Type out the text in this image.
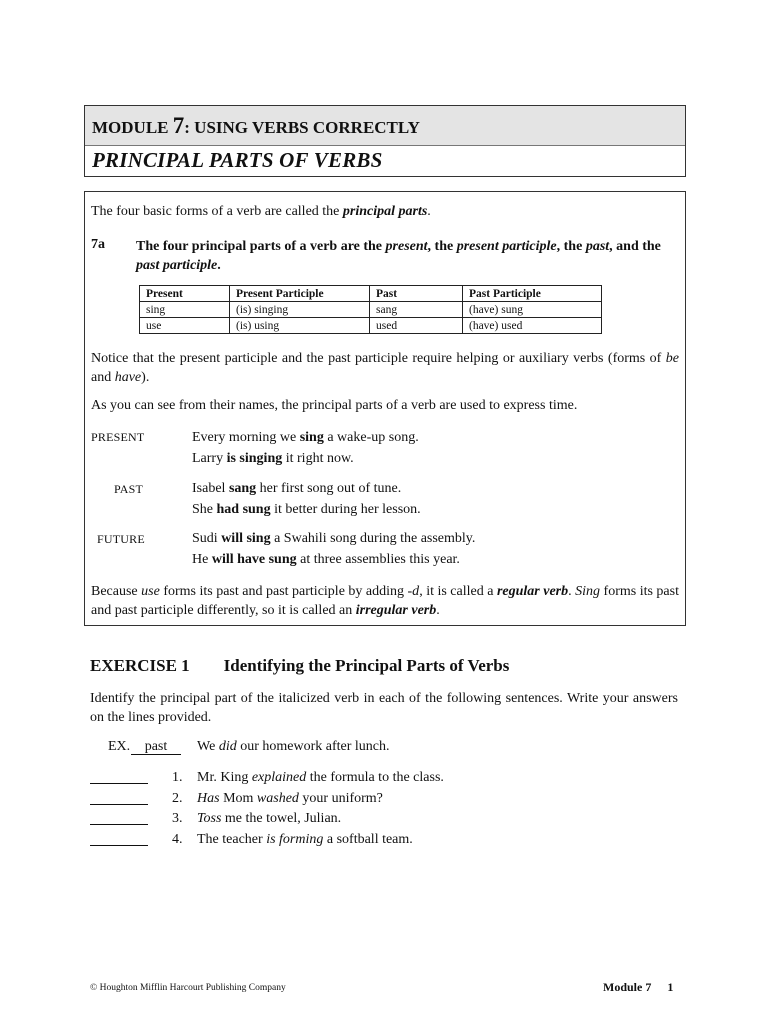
MODULE 7: USING VERBS CORRECTLY
PRINCIPAL PARTS OF VERBS
The four basic forms of a verb are called the principal parts.
7a The four principal parts of a verb are the present, the present participle, the past, and the past participle.
Present	Present Participle	Past	Past Participle
sing	(is) singing	sang	(have) sung
use	(is) using	used	(have) used
Notice that the present participle and the past participle require helping or auxiliary verbs (forms of be and have).
As you can see from their names, the principal parts of a verb are used to express time.
PRESENT	Every morning we sing a wake-up song.
Larry is singing it right now.
PAST	Isabel sang her first song out of tune.
She had sung it better during her lesson.
FUTURE	Sudi will sing a Swahili song during the assembly.
He will have sung at three assemblies this year.
Because use forms its past and past participle by adding -d, it is called a regular verb. Sing forms its past and past participle differently, so it is called an irregular verb.
EXERCISE 1 Identifying the Principal Parts of Verbs
Identify the principal part of the italicized verb in each of the following sentences. Write your answers on the lines provided.
EX.	past	We did our homework after lunch.
1. Mr. King explained the formula to the class.
2. Has Mom washed your uniform?
3. Toss me the towel, Julian.
4. The teacher is forming a softball team.
© Houghton Mifflin Harcourt Publishing Company	Module 7 1
